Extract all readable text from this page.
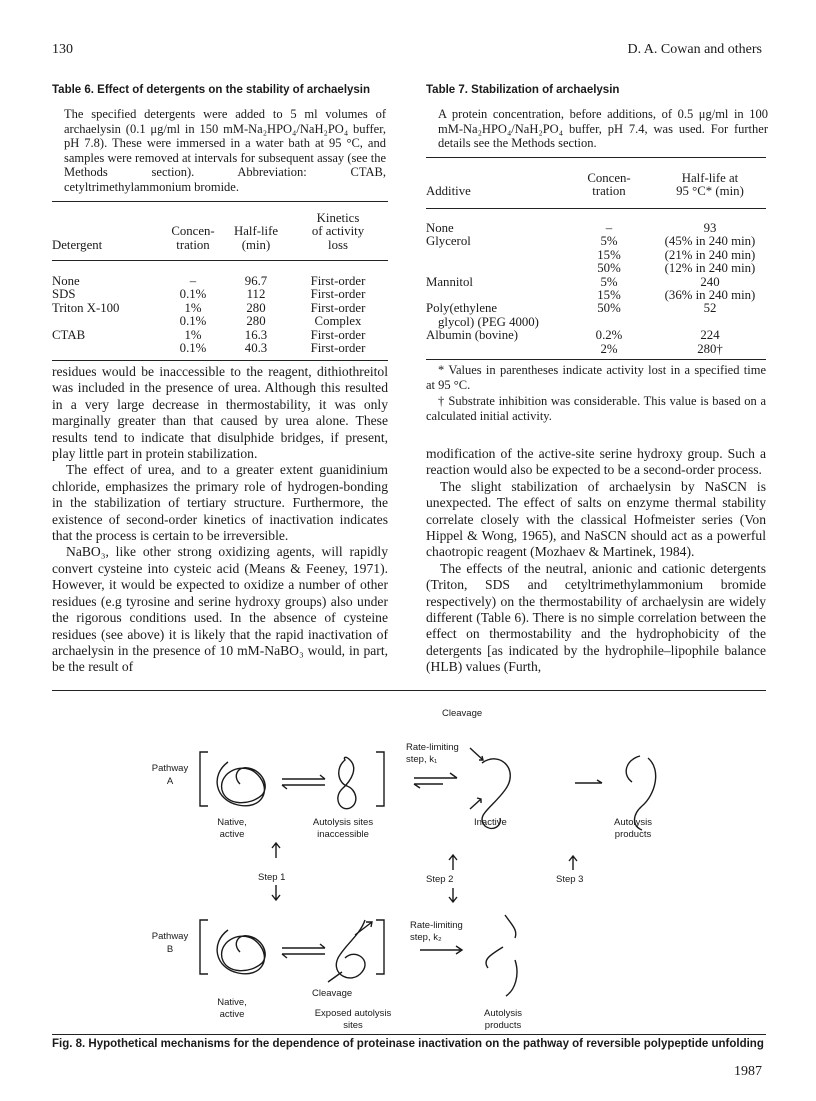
130	D. A. Cowan and others
Table 6. Effect of detergents on the stability of archaelysin
The specified detergents were added to 5 ml volumes of archaelysin (0.1 μg/ml in 150 mM-Na₂HPO₄/NaH₂PO₄ buffer, pH 7.8). These were immersed in a water bath at 95 °C, and samples were removed at intervals for subsequent assay (see the Methods section). Abbreviation: CTAB, cetyltrimethylammonium bromide.
			Kinetics
	Concen-	Half-life	of activity
Detergent	tration	(min)	loss
None	–	96.7	First-order
SDS	0.1%	112	First-order
Triton X-100	1%	280	First-order
	0.1%	280	Complex
CTAB	1%	16.3	First-order
	0.1%	40.3	First-order

residues would be inaccessible to the reagent, dithiothreitol was included in the presence of urea. Although this resulted in a very large decrease in thermostability, it was only marginally greater than that caused by urea alone. These results tend to indicate that disulphide bridges, if present, play little part in protein stabilization.

The effect of urea, and to a greater extent guanidinium chloride, emphasizes the primary role of hydrogen-bonding in the stabilization of tertiary structure. Furthermore, the existence of second-order kinetics of inactivation indicates that the process is certain to be irreversible.

NaBO₃, like other strong oxidizing agents, will rapidly convert cysteine into cysteic acid (Means & Feeney, 1971). However, it would be expected to oxidize a number of other residues (e.g tyrosine and serine hydroxy groups) also under the rigorous conditions used. In the absence of cysteine residues (see above) it is likely that the rapid inactivation of archaelysin in the presence of 10 mM-NaBO₃ would, in part, be the result of

Table 7. Stabilization of archaelysin
A protein concentration, before additions, of 0.5 μg/ml in 100 mM-Na₂HPO₄/NaH₂PO₄ buffer, pH 7.4, was used. For further details see the Methods section.
	Concen-	Half-life at
Additive	tration	95 °C* (min)
None	–	93
Glycerol	5%	(45% in 240 min)
	15%	(21% in 240 min)
	50%	(12% in 240 min)
Mannitol	5%	240
	15%	(36% in 240 min)
Poly(ethylene	50%	52
glycol) (PEG 4000)		
Albumin (bovine)	0.2%	224
	2%	280†
* Values in parentheses indicate activity lost in a specified time at 95 °C.
† Substrate inhibition was considerable. This value is based on a calculated initial activity.

modification of the active-site serine hydroxy group. Such a reaction would also be expected to be a second-order process.

The slight stabilization of archaelysin by NaSCN is unexpected. The effect of salts on enzyme thermal stability correlate closely with the classical Hofmeister series (Von Hippel & Wong, 1965), and NaSCN should act as a powerful chaotropic reagent (Mozhaev & Martinek, 1984).

The effects of the neutral, anionic and cationic detergents (Triton, SDS and cetyltrimethylammonium bromide respectively) on the thermostability of archaelysin are widely different (Table 6). There is no simple correlation between the effect on thermostability and the hydrophobicity of the detergents [as indicated by the hydrophile–lipophile balance (HLB) values (Furth,

Pathway
A
Pathway
B
Native,
active
Autolysis sites
inaccessible
Cleavage
Rate-limiting
step, k₁
Inactive	Autolysis
products
Step 1	Step 2	Step 3
Rate-limiting
step, k₂
Native,
active
Cleavage
Exposed autolysis
sites
Autolysis
products
Fig. 8. Hypothetical mechanisms for the dependence of proteinase inactivation on the pathway of reversible polypeptide unfolding
1987
